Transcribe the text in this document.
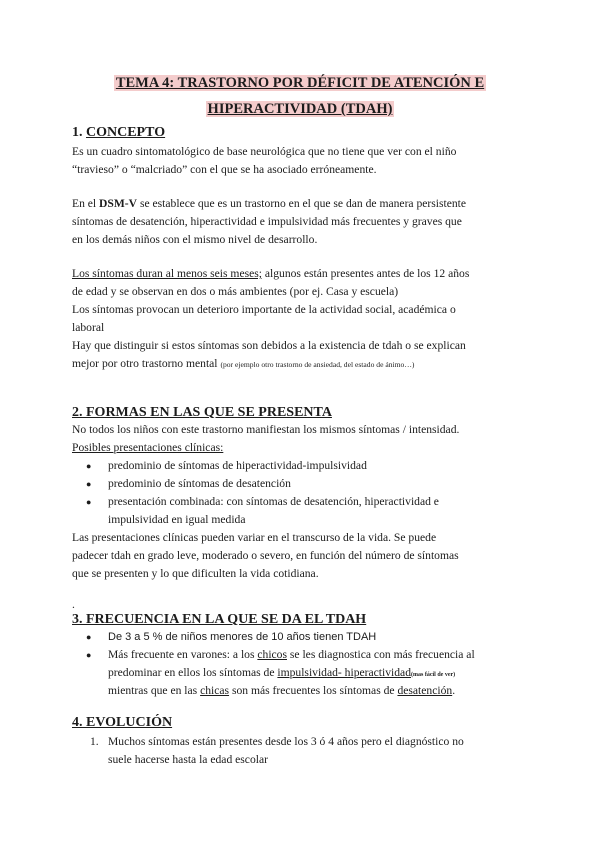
TEMA 4: TRASTORNO POR DÉFICIT DE ATENCIÓN E
HIPERACTIVIDAD (TDAH)
1. CONCEPTO
Es un cuadro sintomatológico de base neurológica que no tiene que ver con el niño
“travieso” o “malcriado” con el que se ha asociado erróneamente.
En el DSM-V se establece que es un trastorno en el que se dan de manera persistente
síntomas de desatención, hiperactividad e impulsividad más frecuentes y graves que
en los demás niños con el mismo nivel de desarrollo.
Los síntomas duran al menos seis meses; algunos están presentes antes de los 12 años
de edad y se observan en dos o más ambientes (por ej. Casa y escuela)
Los síntomas provocan un deterioro importante de la actividad social, académica o
laboral
Hay que distinguir si estos síntomas son debidos a la existencia de tdah o se explican
mejor por otro trastorno mental (por ejemplo otro trastorno de ansiedad, del estado de ánimo…)
2. FORMAS EN LAS QUE SE PRESENTA
No todos los niños con este trastorno manifiestan los mismos síntomas / intensidad.
Posibles presentaciones clínicas:
● predominio de síntomas de hiperactividad-impulsividad
● predominio de síntomas de desatención
● presentación combinada: con síntomas de desatención, hiperactividad e
impulsividad en igual medida
Las presentaciones clínicas pueden variar en el transcurso de la vida. Se puede
padecer tdah en grado leve, moderado o severo, en función del número de síntomas
que se presenten y lo que dificulten la vida cotidiana.
.
3. FRECUENCIA EN LA QUE SE DA EL TDAH
● De 3 a 5 % de niños menores de 10 años tienen TDAH
● Más frecuente en varones: a los chicos se les diagnostica con más frecuencia al
predominar en ellos los síntomas de impulsividad- hiperactividad(mas fácil de ver)
mientras que en las chicas son más frecuentes los síntomas de desatención.
4. EVOLUCIÓN
1. Muchos síntomas están presentes desde los 3 ó 4 años pero el diagnóstico no
suele hacerse hasta la edad escolar
